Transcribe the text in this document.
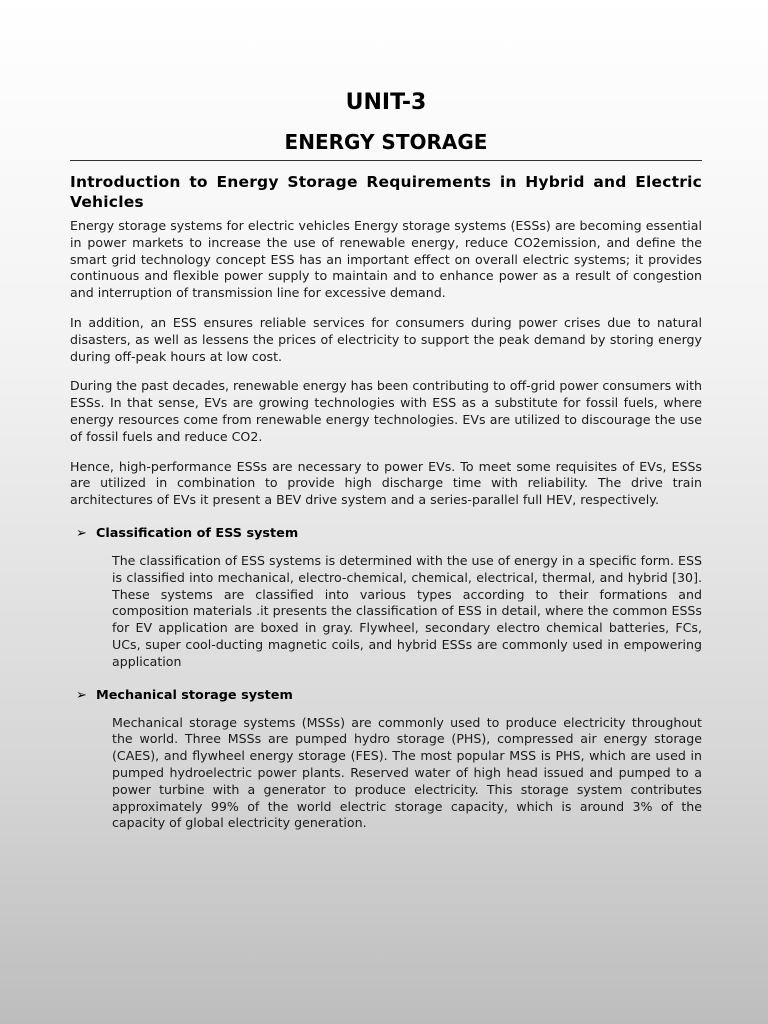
UNIT-3
ENERGY STORAGE
Introduction to Energy Storage Requirements in Hybrid and Electric Vehicles

Energy storage systems for electric vehicles Energy storage systems (ESSs) are becoming essential in power markets to increase the use of renewable energy, reduce CO2emission, and define the smart grid technology concept ESS has an important effect on overall electric systems; it provides continuous and flexible power supply to maintain and to enhance power as a result of congestion and interruption of transmission line for excessive demand.

In addition, an ESS ensures reliable services for consumers during power crises due to natural disasters, as well as lessens the prices of electricity to support the peak demand by storing energy during off-peak hours at low cost.

During the past decades, renewable energy has been contributing to off-grid power consumers with ESSs. In that sense, EVs are growing technologies with ESS as a substitute for fossil fuels, where energy resources come from renewable energy technologies. EVs are utilized to discourage the use of fossil fuels and reduce CO2.

Hence, high-performance ESSs are necessary to power EVs. To meet some requisites of EVs, ESSs are utilized in combination to provide high discharge time with reliability. The drive train architectures of EVs it present a BEV drive system and a series-parallel full HEV, respectively.

➢ Classification of ESS system

The classification of ESS systems is determined with the use of energy in a specific form. ESS is classified into mechanical, electro-chemical, chemical, electrical, thermal, and hybrid [30]. These systems are classified into various types according to their formations and composition materials .it presents the classification of ESS in detail, where the common ESSs for EV application are boxed in gray. Flywheel, secondary electro chemical batteries, FCs, UCs, super cool-ducting magnetic coils, and hybrid ESSs are commonly used in empowering application

➢ Mechanical storage system

Mechanical storage systems (MSSs) are commonly used to produce electricity throughout the world. Three MSSs are pumped hydro storage (PHS), compressed air energy storage (CAES), and flywheel energy storage (FES). The most popular MSS is PHS, which are used in pumped hydroelectric power plants. Reserved water of high head issued and pumped to a power turbine with a generator to produce electricity. This storage system contributes approximately 99% of the world electric storage capacity, which is around 3% of the capacity of global electricity generation.
